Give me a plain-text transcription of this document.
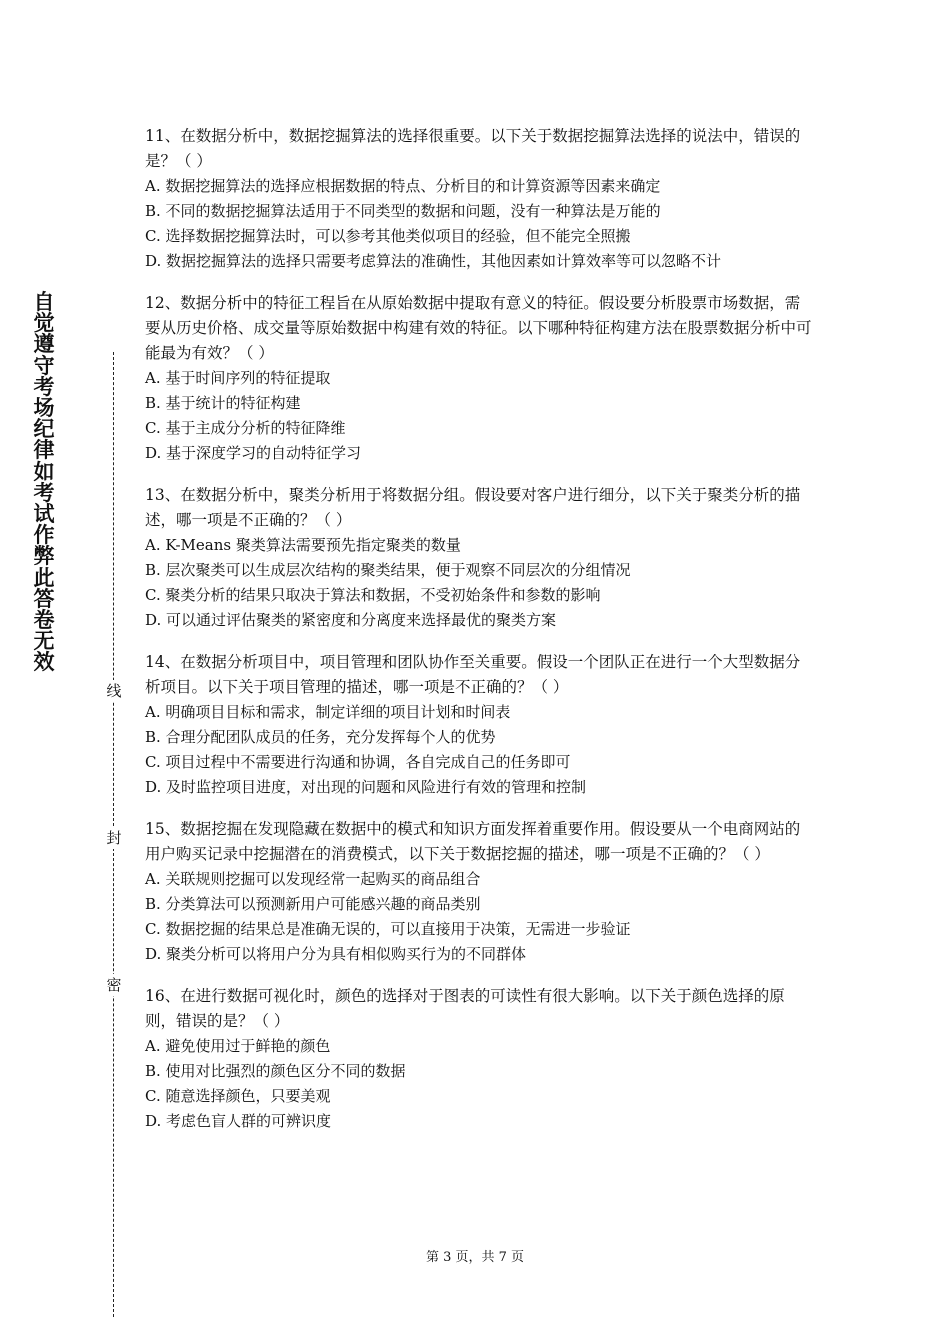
自觉遵守考场纪律如考试作弊此答卷无效
线
封
密
11、在数据分析中，数据挖掘算法的选择很重要。以下关于数据挖掘算法选择的说法中，错误的是？（ ）
A. 数据挖掘算法的选择应根据数据的特点、分析目的和计算资源等因素来确定
B. 不同的数据挖掘算法适用于不同类型的数据和问题，没有一种算法是万能的
C. 选择数据挖掘算法时，可以参考其他类似项目的经验，但不能完全照搬
D. 数据挖掘算法的选择只需要考虑算法的准确性，其他因素如计算效率等可以忽略不计
12、数据分析中的特征工程旨在从原始数据中提取有意义的特征。假设要分析股票市场数据，需要从历史价格、成交量等原始数据中构建有效的特征。以下哪种特征构建方法在股票数据分析中可能最为有效？（ ）
A. 基于时间序列的特征提取
B. 基于统计的特征构建
C. 基于主成分分析的特征降维
D. 基于深度学习的自动特征学习
13、在数据分析中，聚类分析用于将数据分组。假设要对客户进行细分，以下关于聚类分析的描述，哪一项是不正确的？（ ）
A. K-Means 聚类算法需要预先指定聚类的数量
B. 层次聚类可以生成层次结构的聚类结果，便于观察不同层次的分组情况
C. 聚类分析的结果只取决于算法和数据，不受初始条件和参数的影响
D. 可以通过评估聚类的紧密度和分离度来选择最优的聚类方案
14、在数据分析项目中，项目管理和团队协作至关重要。假设一个团队正在进行一个大型数据分析项目。以下关于项目管理的描述，哪一项是不正确的？（ ）
A. 明确项目目标和需求，制定详细的项目计划和时间表
B. 合理分配团队成员的任务，充分发挥每个人的优势
C. 项目过程中不需要进行沟通和协调，各自完成自己的任务即可
D. 及时监控项目进度，对出现的问题和风险进行有效的管理和控制
15、数据挖掘在发现隐藏在数据中的模式和知识方面发挥着重要作用。假设要从一个电商网站的用户购买记录中挖掘潜在的消费模式，以下关于数据挖掘的描述，哪一项是不正确的？（ ）
A. 关联规则挖掘可以发现经常一起购买的商品组合
B. 分类算法可以预测新用户可能感兴趣的商品类别
C. 数据挖掘的结果总是准确无误的，可以直接用于决策，无需进一步验证
D. 聚类分析可以将用户分为具有相似购买行为的不同群体
16、在进行数据可视化时，颜色的选择对于图表的可读性有很大影响。以下关于颜色选择的原则，错误的是？（ ）
A. 避免使用过于鲜艳的颜色
B. 使用对比强烈的颜色区分不同的数据
C. 随意选择颜色，只要美观
D. 考虑色盲人群的可辨识度
第 3 页，共 7 页
